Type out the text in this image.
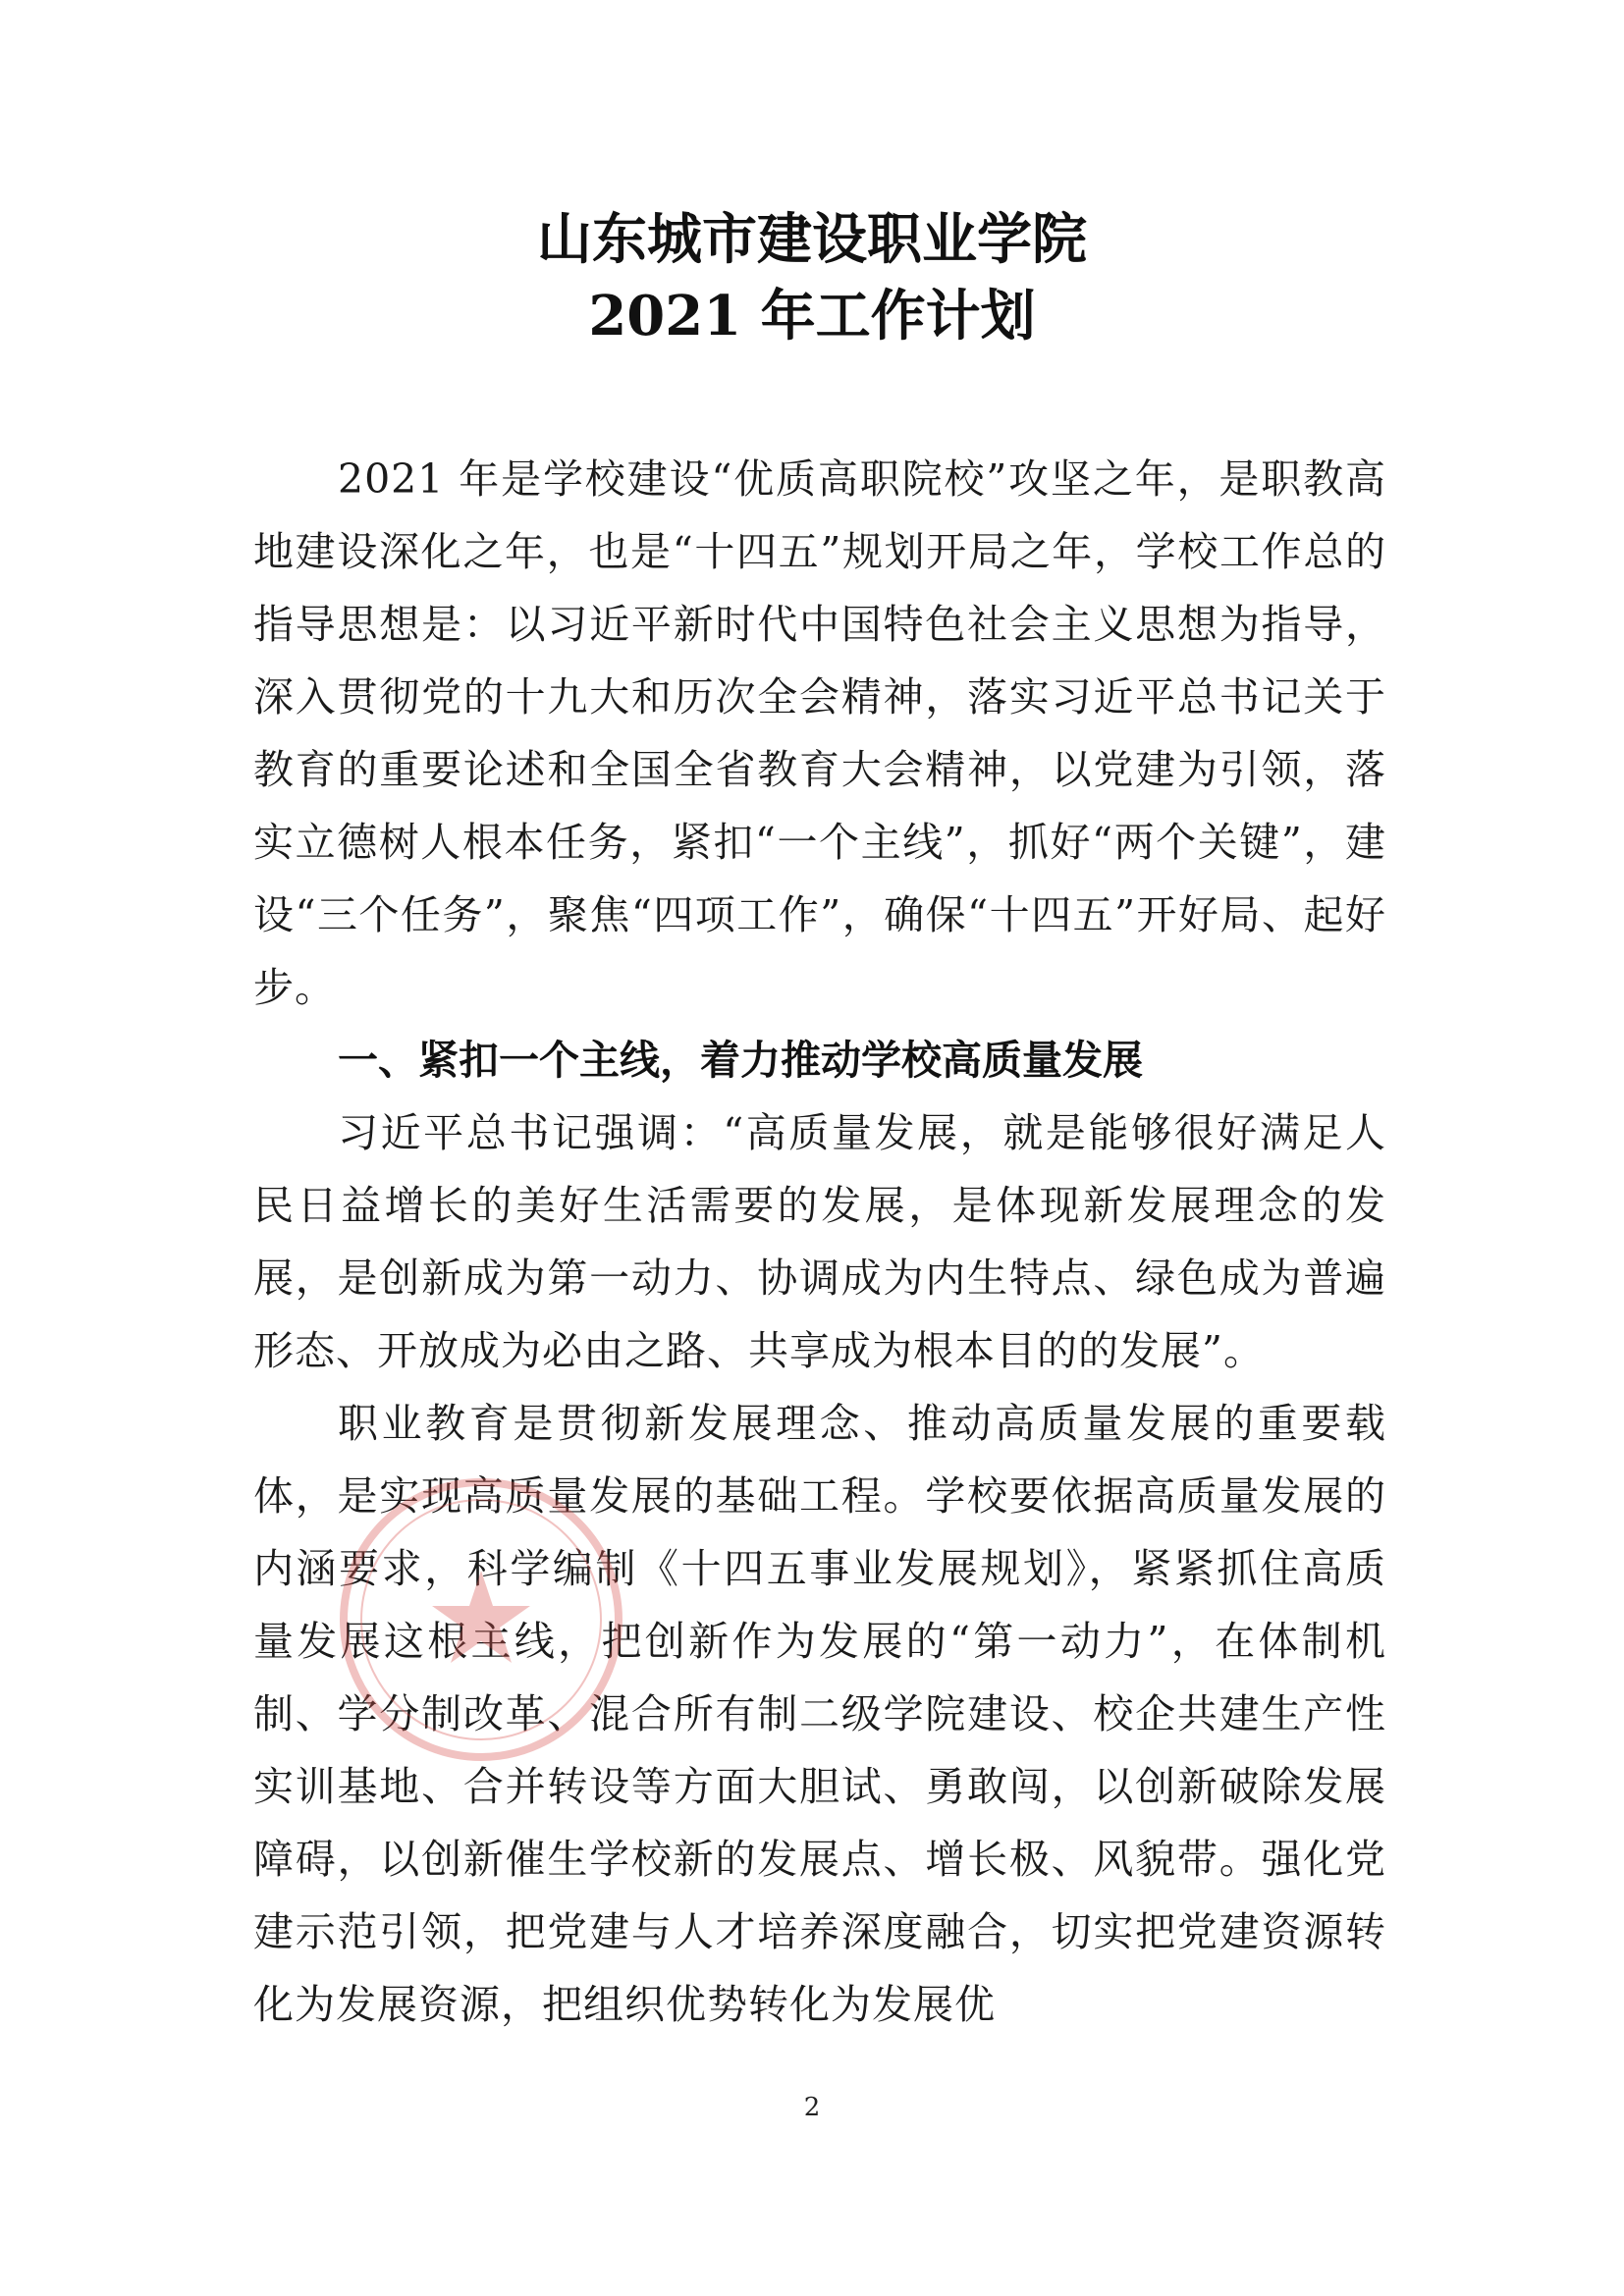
山东城市建设职业学院
2021 年工作计划
2021 年是学校建设“优质高职院校”攻坚之年，是职教高地建设深化之年，也是“十四五”规划开局之年，学校工作总的指导思想是：以习近平新时代中国特色社会主义思想为指导，深入贯彻党的十九大和历次全会精神，落实习近平总书记关于教育的重要论述和全国全省教育大会精神，以党建为引领，落实立德树人根本任务，紧扣“一个主线”，抓好“两个关键”，建设“三个任务”，聚焦“四项工作”，确保“十四五”开好局、起好步。
一、紧扣一个主线，着力推动学校高质量发展
习近平总书记强调：“高质量发展，就是能够很好满足人民日益增长的美好生活需要的发展，是体现新发展理念的发展，是创新成为第一动力、协调成为内生特点、绿色成为普遍形态、开放成为必由之路、共享成为根本目的的发展”。
职业教育是贯彻新发展理念、推动高质量发展的重要载体，是实现高质量发展的基础工程。学校要依据高质量发展的内涵要求，科学编制《十四五事业发展规划》，紧紧抓住高质量发展这根主线，把创新作为发展的“第一动力”，在体制机制、学分制改革、混合所有制二级学院建设、校企共建生产性实训基地、合并转设等方面大胆试、勇敢闯，以创新破除发展障碍，以创新催生学校新的发展点、增长极、风貌带。强化党建示范引领，把党建与人才培养深度融合，切实把党建资源转化为发展资源，把组织优势转化为发展优
2
